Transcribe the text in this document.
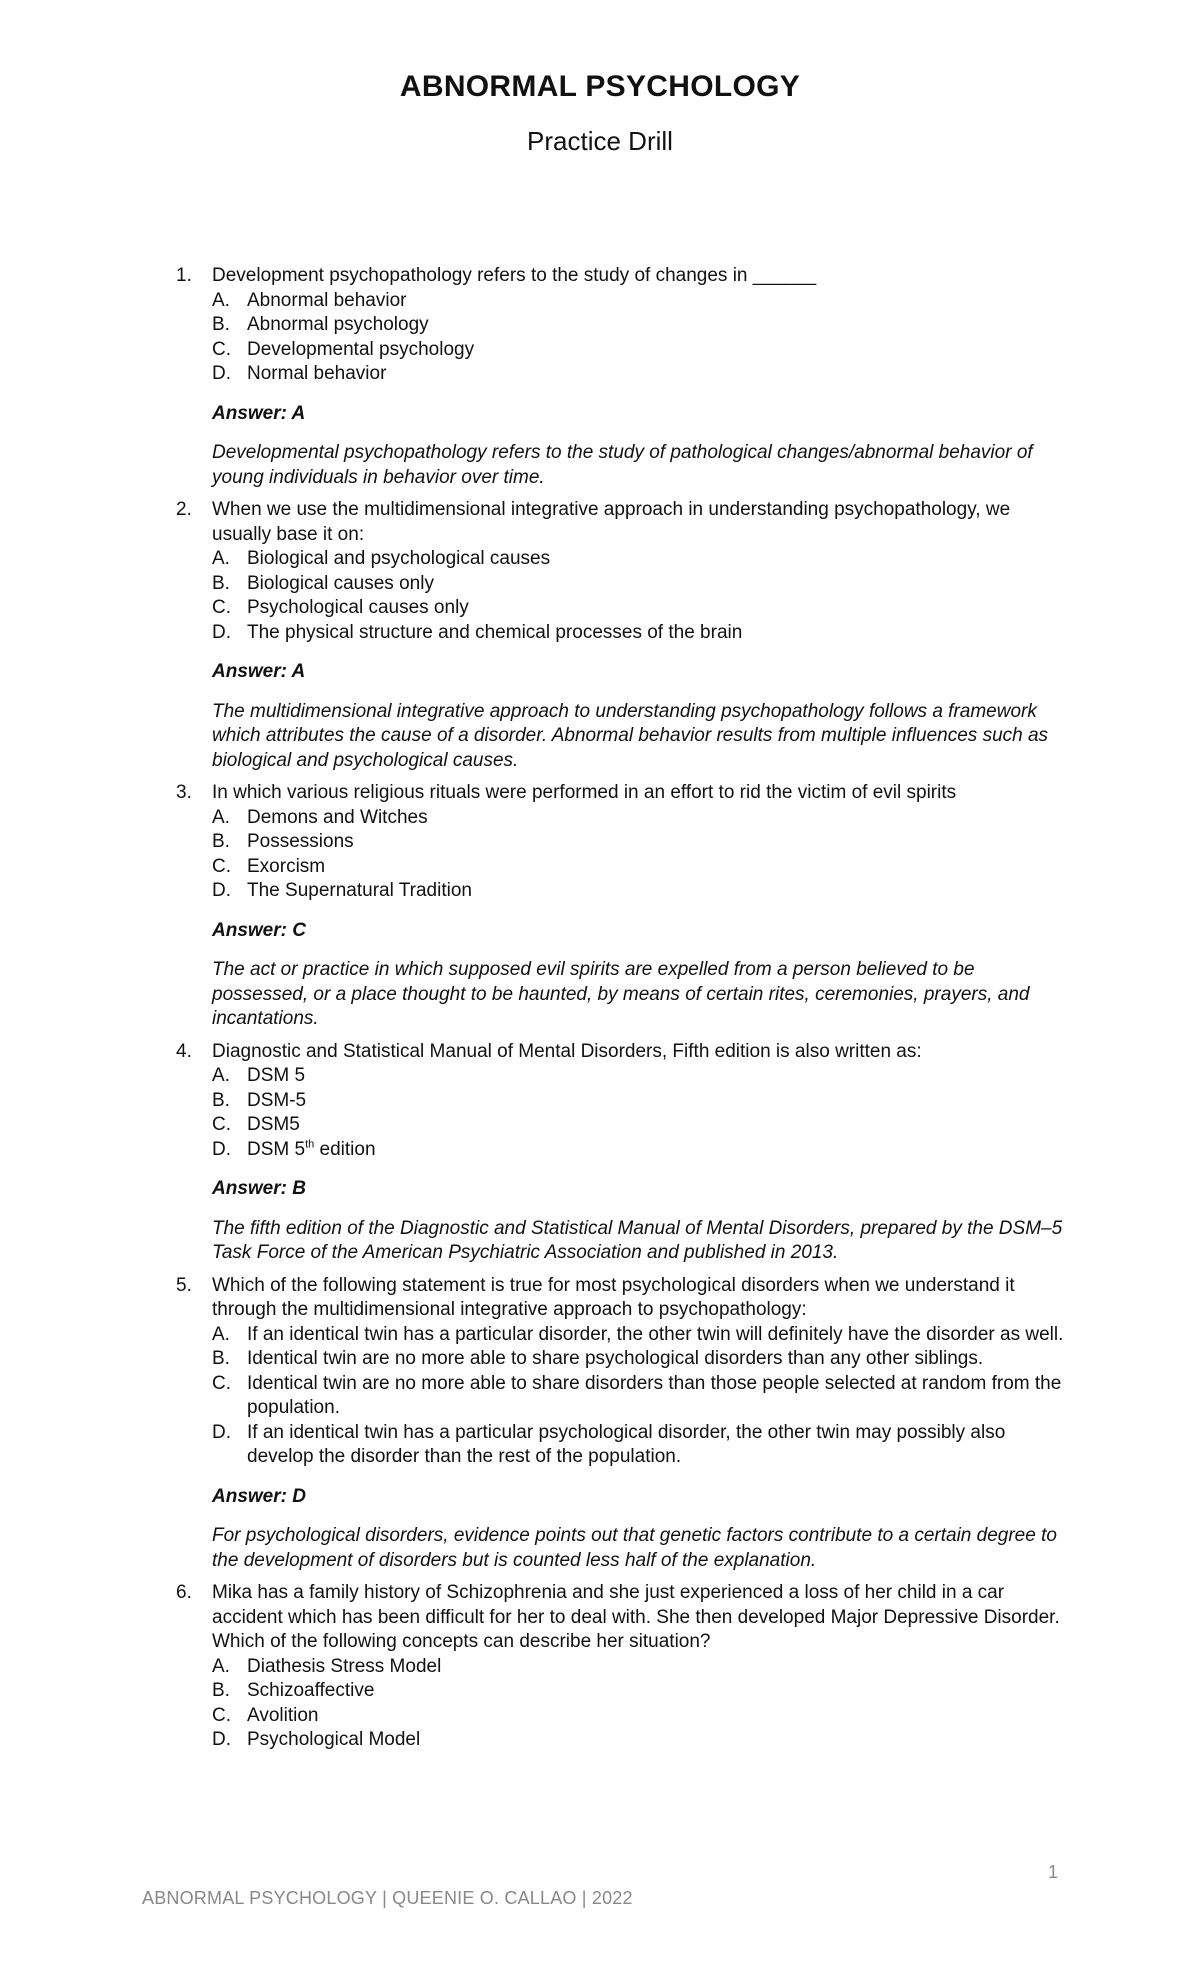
ABNORMAL PSYCHOLOGY
Practice Drill
1. Development psychopathology refers to the study of changes in ______
A. Abnormal behavior
B. Abnormal psychology
C. Developmental psychology
D. Normal behavior
Answer: A
Developmental psychopathology refers to the study of pathological changes/abnormal behavior of young individuals in behavior over time.
2. When we use the multidimensional integrative approach in understanding psychopathology, we usually base it on:
A. Biological and psychological causes
B. Biological causes only
C. Psychological causes only
D. The physical structure and chemical processes of the brain
Answer: A
The multidimensional integrative approach to understanding psychopathology follows a framework which attributes the cause of a disorder. Abnormal behavior results from multiple influences such as biological and psychological causes.
3. In which various religious rituals were performed in an effort to rid the victim of evil spirits
A. Demons and Witches
B. Possessions
C. Exorcism
D. The Supernatural Tradition
Answer: C
The act or practice in which supposed evil spirits are expelled from a person believed to be possessed, or a place thought to be haunted, by means of certain rites, ceremonies, prayers, and incantations.
4. Diagnostic and Statistical Manual of Mental Disorders, Fifth edition is also written as:
A. DSM 5
B. DSM-5
C. DSM5
D. DSM 5th edition
Answer: B
The fifth edition of the Diagnostic and Statistical Manual of Mental Disorders, prepared by the DSM–5 Task Force of the American Psychiatric Association and published in 2013.
5. Which of the following statement is true for most psychological disorders when we understand it through the multidimensional integrative approach to psychopathology:
A. If an identical twin has a particular disorder, the other twin will definitely have the disorder as well.
B. Identical twin are no more able to share psychological disorders than any other siblings.
C. Identical twin are no more able to share disorders than those people selected at random from the population.
D. If an identical twin has a particular psychological disorder, the other twin may possibly also develop the disorder than the rest of the population.
Answer: D
For psychological disorders, evidence points out that genetic factors contribute to a certain degree to the development of disorders but is counted less half of the explanation.
6. Mika has a family history of Schizophrenia and she just experienced a loss of her child in a car accident which has been difficult for her to deal with. She then developed Major Depressive Disorder. Which of the following concepts can describe her situation?
A. Diathesis Stress Model
B. Schizoaffective
C. Avolition
D. Psychological Model
1
ABNORMAL PSYCHOLOGY | QUEENIE O. CALLAO | 2022
